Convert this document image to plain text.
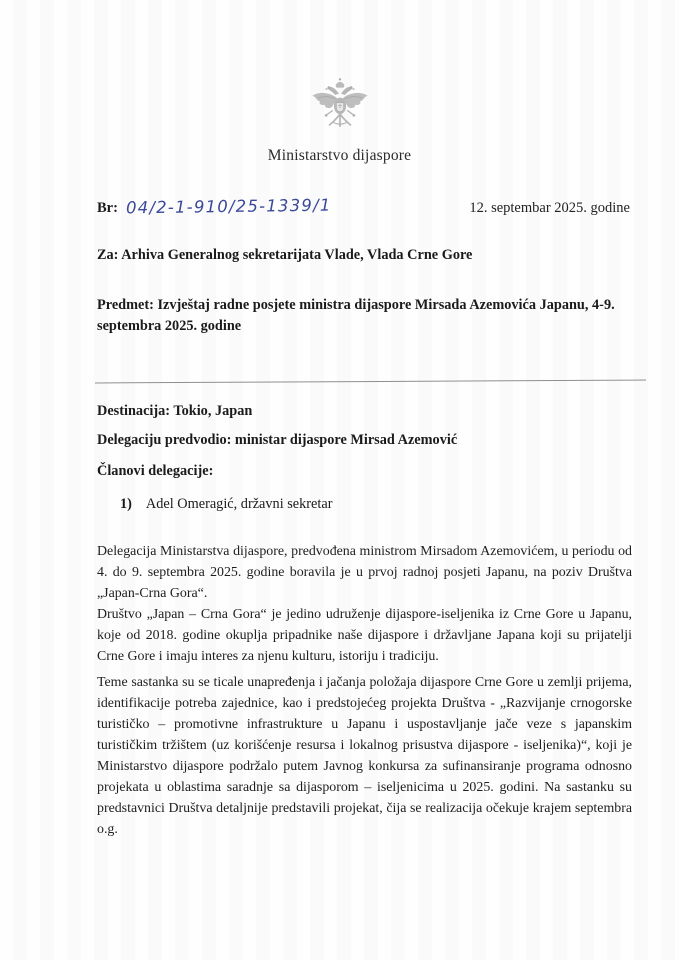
Ministarstvo dijaspore
Br: 04/2-1-910/25-1339/1	12. septembar 2025. godine
Za: Arhiva Generalnog sekretarijata Vlade, Vlada Crne Gore
Predmet: Izvještaj radne posjete ministra dijaspore Mirsada Azemovića Japanu, 4-9. septembra 2025. godine
Destinacija: Tokio, Japan
Delegaciju predvodio: ministar dijaspore Mirsad Azemović
Članovi delegacije:
1) Adel Omeragić, državni sekretar

Delegacija Ministarstva dijaspore, predvođena ministrom Mirsadom Azemovićem, u periodu od 4. do 9. septembra 2025. godine boravila je u prvoj radnoj posjeti Japanu, na poziv Društva „Japan-Crna Gora“.

Društvo „Japan – Crna Gora“ je jedino udruženje dijaspore-iseljenika iz Crne Gore u Japanu, koje od 2018. godine okuplja pripadnike naše dijaspore i državljane Japana koji su prijatelji Crne Gore i imaju interes za njenu kulturu, istoriju i tradiciju.

Teme sastanka su se ticale unapređenja i jačanja položaja dijaspore Crne Gore u zemlji prijema, identifikacije potreba zajednice, kao i predstojećeg projekta Društva - „Razvijanje crnogorske turističko – promotivne infrastrukture u Japanu i uspostavljanje jače veze s japanskim turističkim tržištem (uz korišćenje resursa i lokalnog prisustva dijaspore - iseljenika)“, koji je Ministarstvo dijaspore podržalo putem Javnog konkursa za sufinansiranje programa odnosno projekata u oblastima saradnje sa dijasporom – iseljenicima u 2025. godini. Na sastanku su predstavnici Društva detaljnije predstavili projekat, čija se realizacija očekuje krajem septembra o.g.
